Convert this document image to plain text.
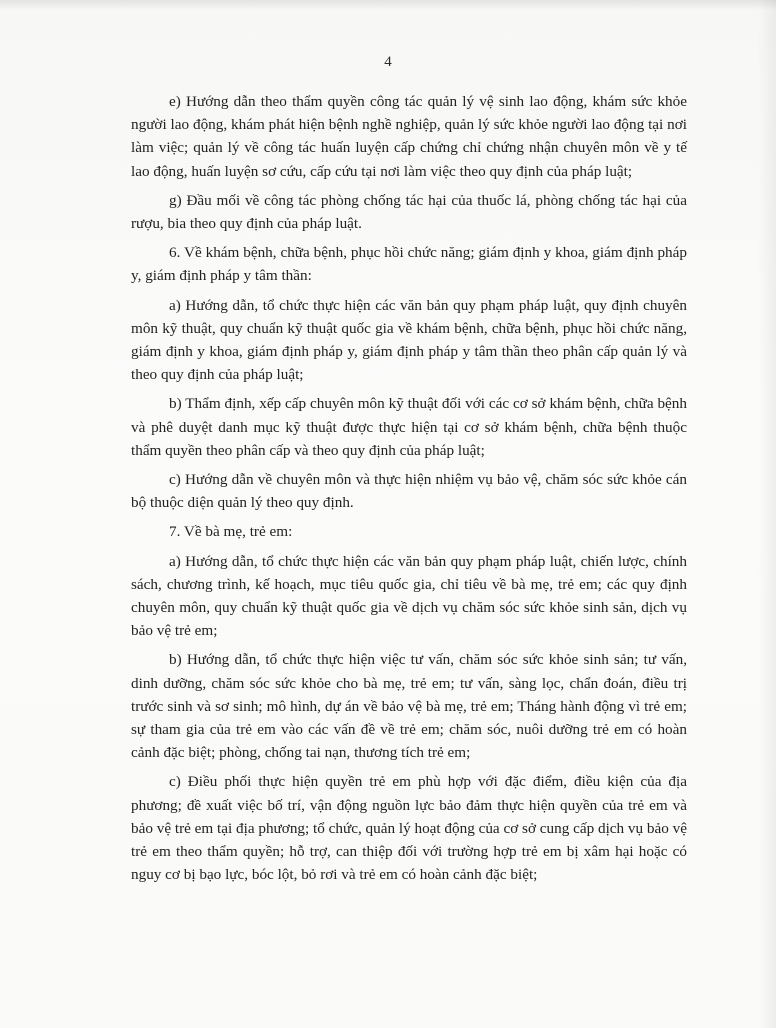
4

e) Hướng dẫn theo thẩm quyền công tác quản lý vệ sinh lao động, khám sức khỏe người lao động, khám phát hiện bệnh nghề nghiệp, quản lý sức khỏe người lao động tại nơi làm việc; quản lý về công tác huấn luyện cấp chứng chỉ chứng nhận chuyên môn về y tế lao động, huấn luyện sơ cứu, cấp cứu tại nơi làm việc theo quy định của pháp luật;

g) Đầu mối về công tác phòng chống tác hại của thuốc lá, phòng chống tác hại của rượu, bia theo quy định của pháp luật.

6. Về khám bệnh, chữa bệnh, phục hồi chức năng; giám định y khoa, giám định pháp y, giám định pháp y tâm thần:

a) Hướng dẫn, tổ chức thực hiện các văn bản quy phạm pháp luật, quy định chuyên môn kỹ thuật, quy chuẩn kỹ thuật quốc gia về khám bệnh, chữa bệnh, phục hồi chức năng, giám định y khoa, giám định pháp y, giám định pháp y tâm thần theo phân cấp quản lý và theo quy định của pháp luật;

b) Thẩm định, xếp cấp chuyên môn kỹ thuật đối với các cơ sở khám bệnh, chữa bệnh và phê duyệt danh mục kỹ thuật được thực hiện tại cơ sở khám bệnh, chữa bệnh thuộc thẩm quyền theo phân cấp và theo quy định của pháp luật;

c) Hướng dẫn về chuyên môn và thực hiện nhiệm vụ bảo vệ, chăm sóc sức khỏe cán bộ thuộc diện quản lý theo quy định.

7. Về bà mẹ, trẻ em:

a) Hướng dẫn, tổ chức thực hiện các văn bản quy phạm pháp luật, chiến lược, chính sách, chương trình, kế hoạch, mục tiêu quốc gia, chỉ tiêu về bà mẹ, trẻ em; các quy định chuyên môn, quy chuẩn kỹ thuật quốc gia về dịch vụ chăm sóc sức khỏe sinh sản, dịch vụ bảo vệ trẻ em;

b) Hướng dẫn, tổ chức thực hiện việc tư vấn, chăm sóc sức khỏe sinh sản; tư vấn, dinh dưỡng, chăm sóc sức khỏe cho bà mẹ, trẻ em; tư vấn, sàng lọc, chẩn đoán, điều trị trước sinh và sơ sinh; mô hình, dự án về bảo vệ bà mẹ, trẻ em; Tháng hành động vì trẻ em; sự tham gia của trẻ em vào các vấn đề về trẻ em; chăm sóc, nuôi dưỡng trẻ em có hoàn cảnh đặc biệt; phòng, chống tai nạn, thương tích trẻ em;

c) Điều phối thực hiện quyền trẻ em phù hợp với đặc điểm, điều kiện của địa phương; đề xuất việc bố trí, vận động nguồn lực bảo đảm thực hiện quyền của trẻ em và bảo vệ trẻ em tại địa phương; tổ chức, quản lý hoạt động của cơ sở cung cấp dịch vụ bảo vệ trẻ em theo thẩm quyền; hỗ trợ, can thiệp đối với trường hợp trẻ em bị xâm hại hoặc có nguy cơ bị bạo lực, bóc lột, bỏ rơi và trẻ em có hoàn cảnh đặc biệt;
